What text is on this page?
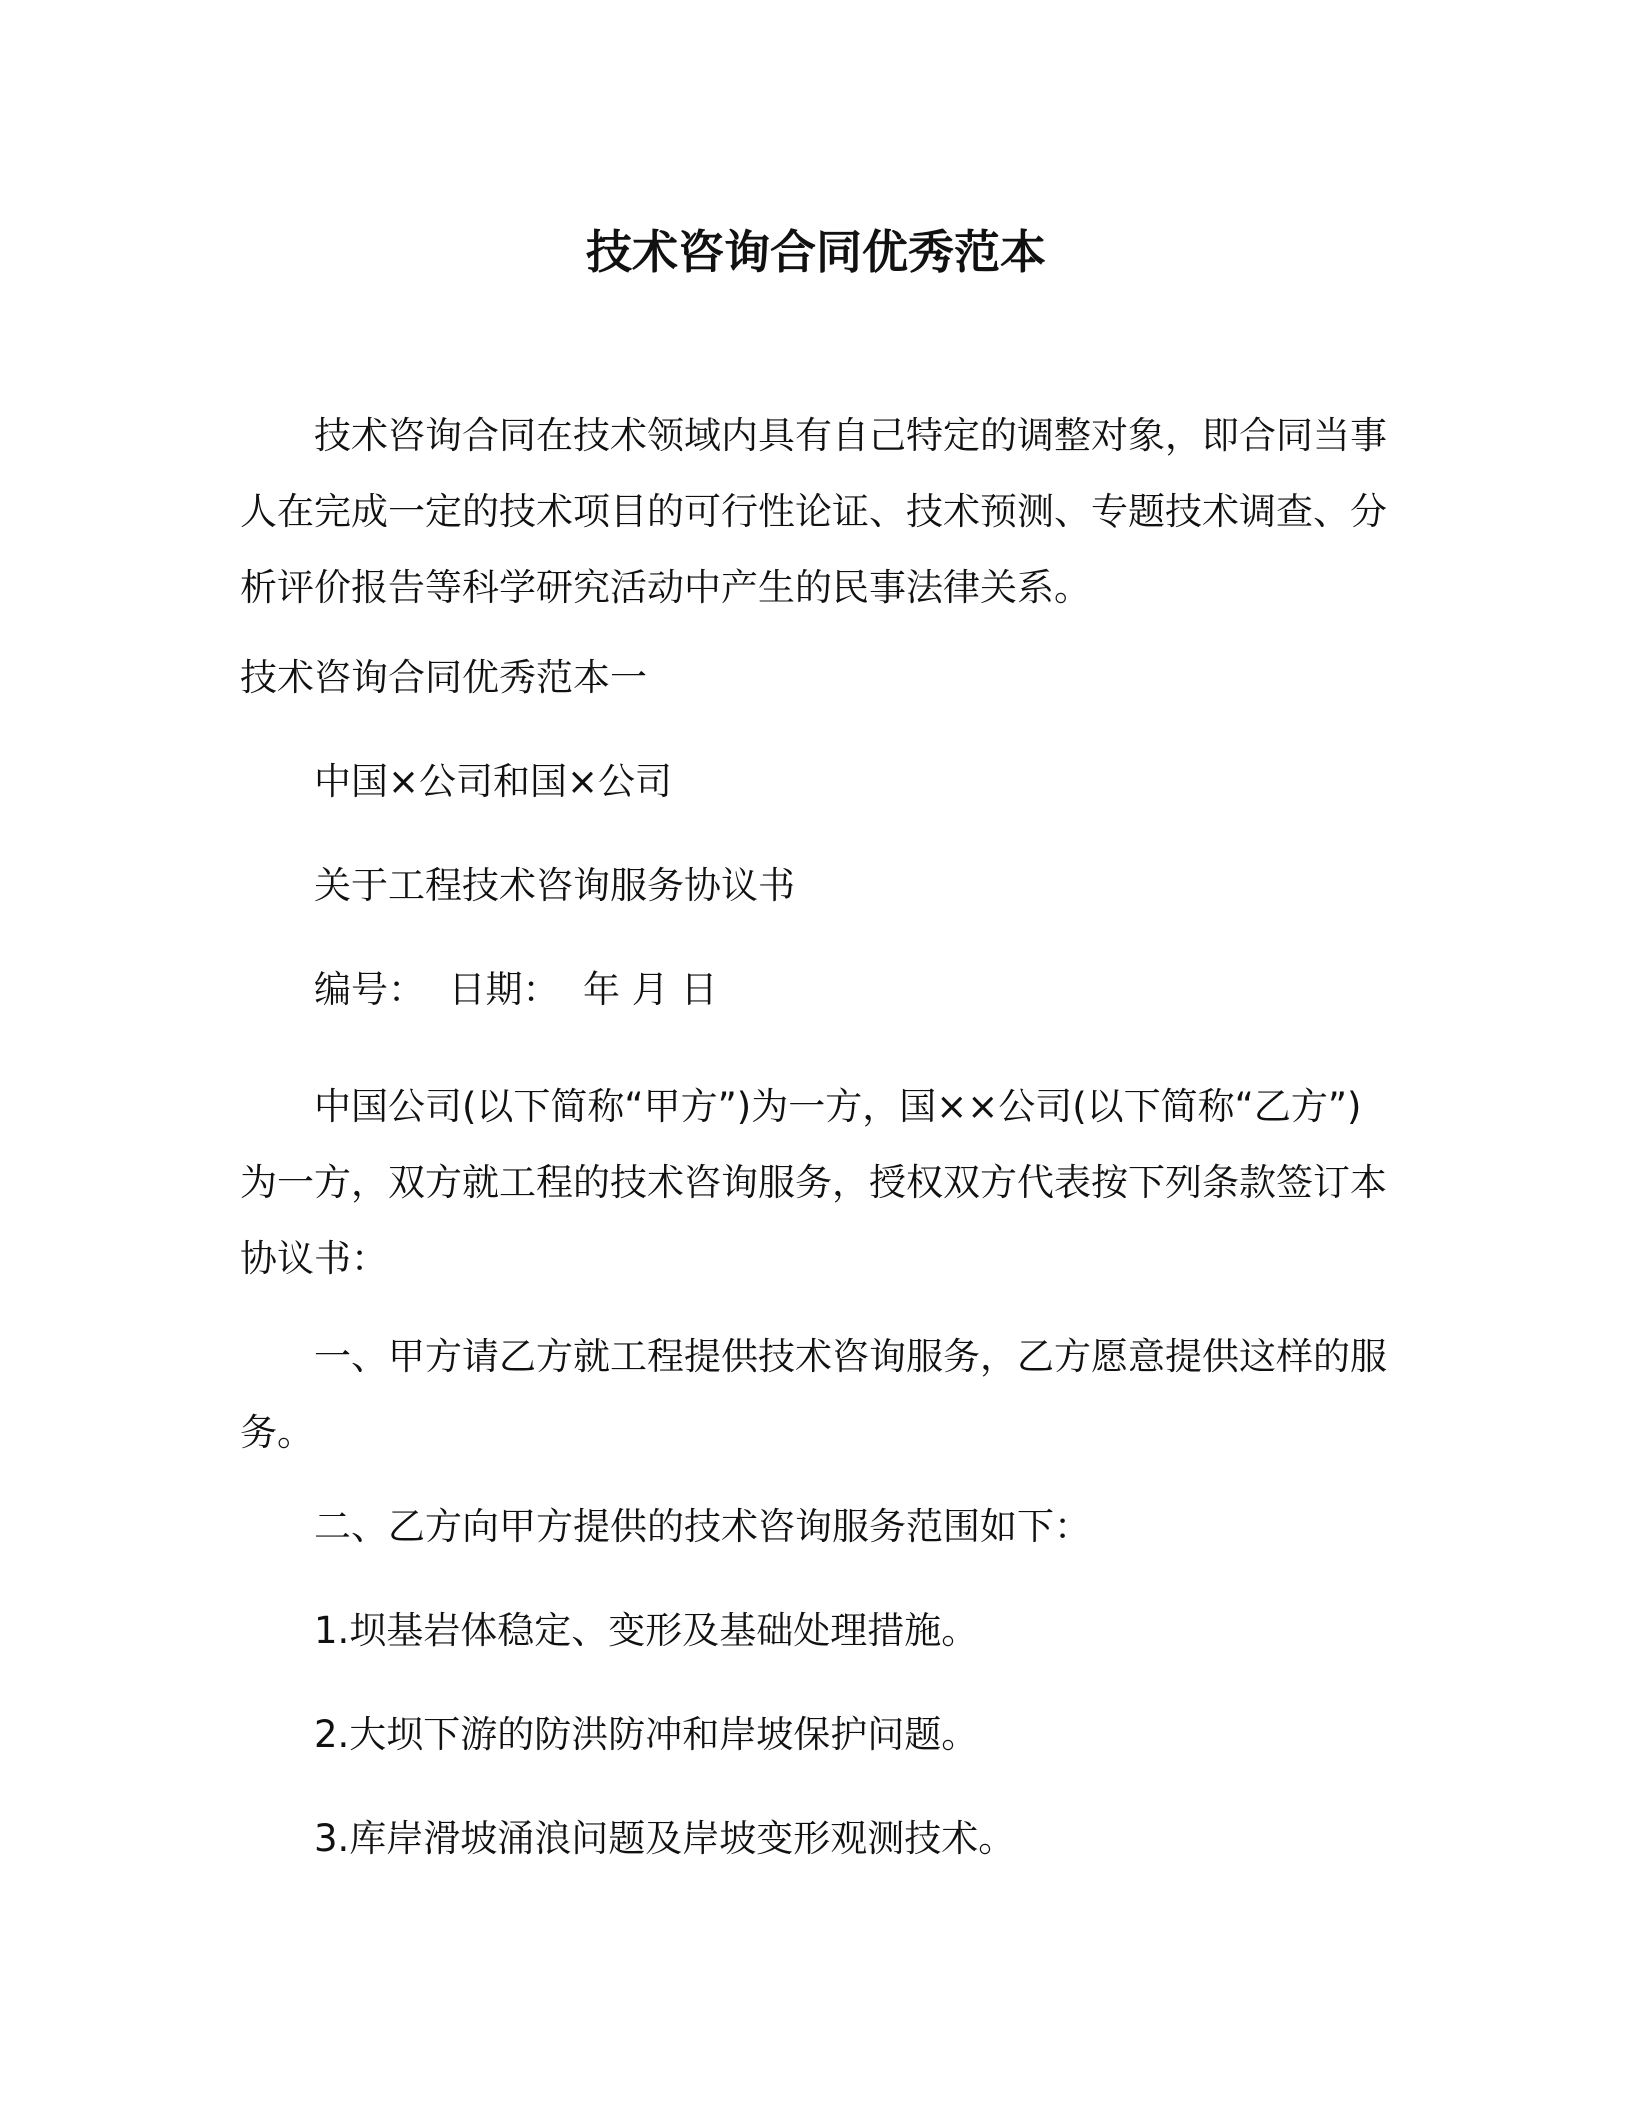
技术咨询合同优秀范本

技术咨询合同在技术领域内具有自己特定的调整对象，即合同当事人在完成一定的技术项目的可行性论证、技术预测、专题技术调查、分析评价报告等科学研究活动中产生的民事法律关系。

技术咨询合同优秀范本一

中国×公司和国×公司

关于工程技术咨询服务协议书

编号：  日期：  年 月 日

中国公司(以下简称“甲方”)为一方，国××公司(以下简称“乙方”) 为一方，双方就工程的技术咨询服务，授权双方代表按下列条款签订本协议书：

一、甲方请乙方就工程提供技术咨询服务，乙方愿意提供这样的服务。

二、乙方向甲方提供的技术咨询服务范围如下：

1.坝基岩体稳定、变形及基础处理措施。

2.大坝下游的防洪防冲和岸坡保护问题。

3.库岸滑坡涌浪问题及岸坡变形观测技术。
